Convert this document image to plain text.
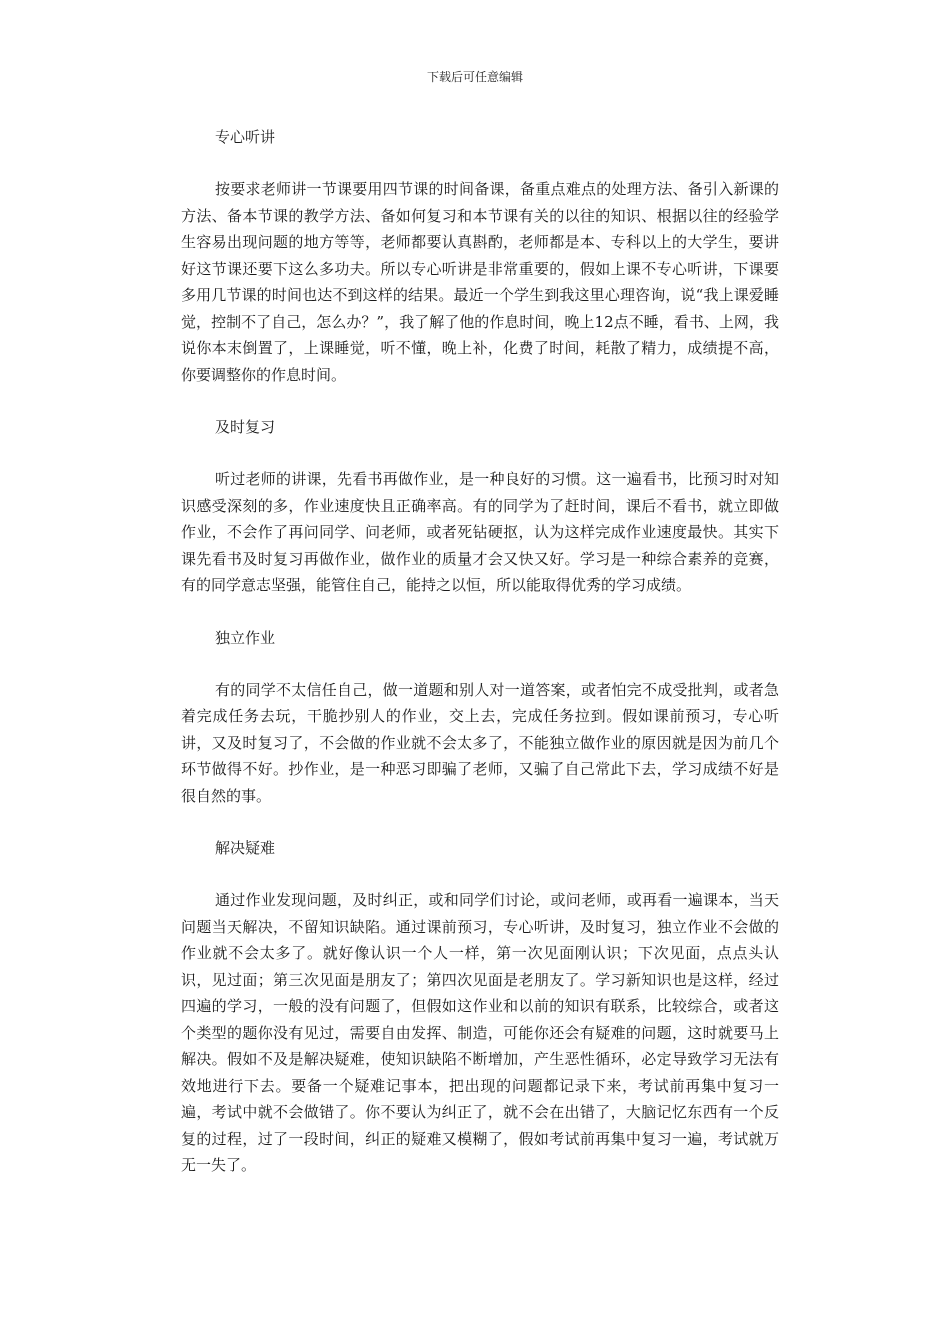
下载后可任意编辑
专心听讲
按要求老师讲一节课要用四节课的时间备课，备重点难点的处理方法、备引入新课的方法、备本节课的教学方法、备如何复习和本节课有关的以往的知识、根据以往的经验学生容易出现问题的地方等等，老师都要认真斟酌，老师都是本、专科以上的大学生，要讲好这节课还要下这么多功夫。所以专心听讲是非常重要的，假如上课不专心听讲，下课要多用几节课的时间也达不到这样的结果。最近一个学生到我这里心理咨询，说“我上课爱睡觉，控制不了自己，怎么办？”，我了解了他的作息时间，晚上12点不睡，看书、上网，我说你本末倒置了，上课睡觉，听不懂，晚上补，化费了时间，耗散了精力，成绩提不高，你要调整你的作息时间。
及时复习
听过老师的讲课，先看书再做作业，是一种良好的习惯。这一遍看书，比预习时对知识感受深刻的多，作业速度快且正确率高。有的同学为了赶时间，课后不看书，就立即做作业，不会作了再问同学、问老师，或者死钻硬抠，认为这样完成作业速度最快。其实下课先看书及时复习再做作业，做作业的质量才会又快又好。学习是一种综合素养的竞赛，有的同学意志坚强，能管住自己，能持之以恒，所以能取得优秀的学习成绩。
独立作业
有的同学不太信任自己，做一道题和别人对一道答案，或者怕完不成受批判，或者急着完成任务去玩，干脆抄别人的作业，交上去，完成任务拉到。假如课前预习，专心听讲，又及时复习了，不会做的作业就不会太多了，不能独立做作业的原因就是因为前几个环节做得不好。抄作业，是一种恶习即骗了老师，又骗了自己常此下去，学习成绩不好是很自然的事。
解决疑难
通过作业发现问题，及时纠正，或和同学们讨论，或问老师，或再看一遍课本，当天问题当天解决，不留知识缺陷。通过课前预习，专心听讲，及时复习，独立作业不会做的作业就不会太多了。就好像认识一个人一样，第一次见面刚认识；下次见面，点点头认识，见过面；第三次见面是朋友了；第四次见面是老朋友了。学习新知识也是这样，经过四遍的学习，一般的没有问题了，但假如这作业和以前的知识有联系，比较综合，或者这个类型的题你没有见过，需要自由发挥、制造，可能你还会有疑难的问题，这时就要马上解决。假如不及是解决疑难，使知识缺陷不断增加，产生恶性循环，必定导致学习无法有效地进行下去。要备一个疑难记事本，把出现的问题都记录下来，考试前再集中复习一遍，考试中就不会做错了。你不要认为纠正了，就不会在出错了，大脑记忆东西有一个反复的过程，过了一段时间，纠正的疑难又模糊了，假如考试前再集中复习一遍，考试就万无一失了。
